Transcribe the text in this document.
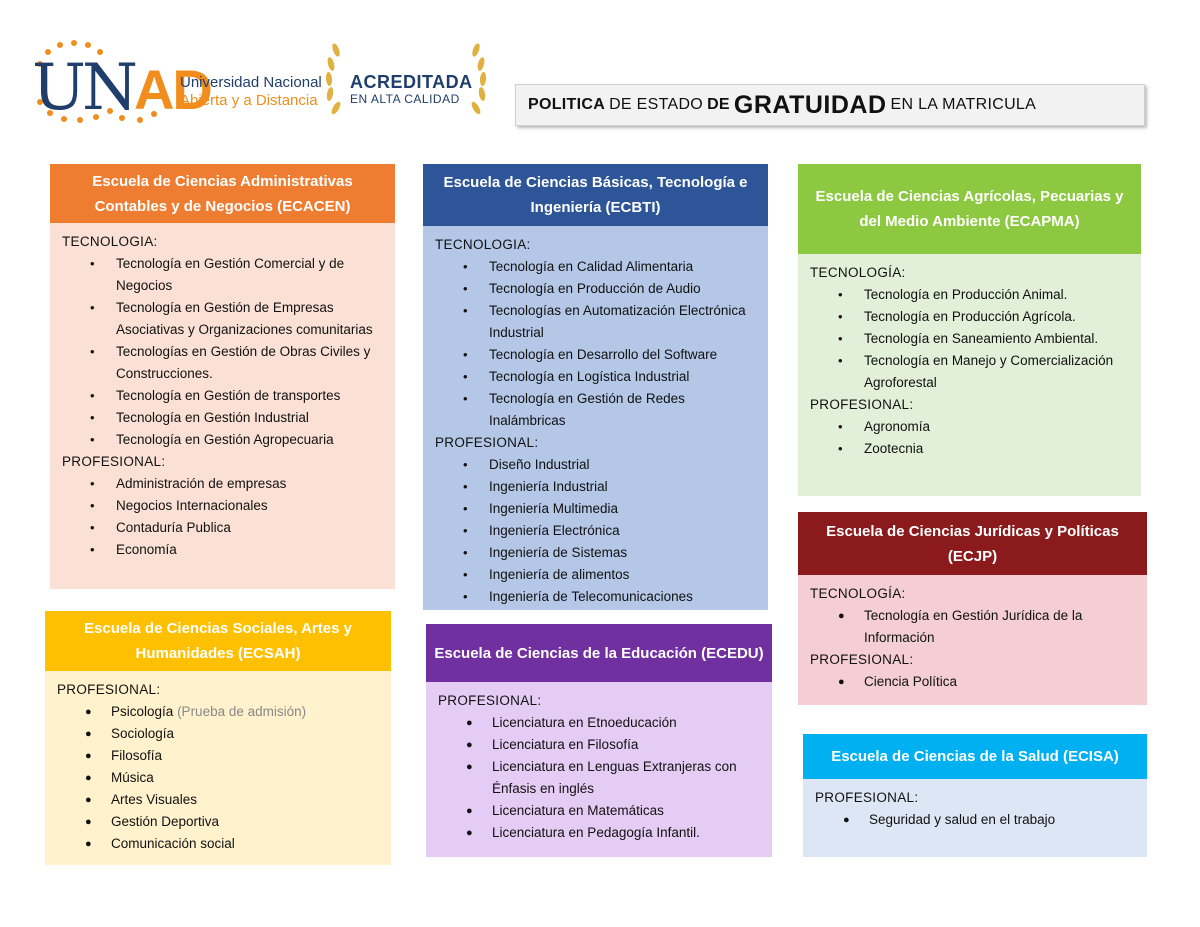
UNAD
Universidad Nacional
Abierta y a Distancia
ACREDITADA
EN ALTA CALIDAD	POLITICA DE ESTADO DE GRATUIDAD EN LA MATRICULA
Escuela de Ciencias Administrativas Contables y de Negocios (ECACEN)
TECNOLOGIA:
• Tecnología en Gestión Comercial y de Negocios
• Tecnología en Gestión de Empresas Asociativas y Organizaciones comunitarias
• Tecnologías en Gestión de Obras Civiles y Construcciones.
• Tecnología en Gestión de transportes
• Tecnología en Gestión Industrial
• Tecnología en Gestión Agropecuaria
PROFESIONAL:
• Administración de empresas
• Negocios Internacionales
• Contaduría Publica
• Economía
Escuela de Ciencias Básicas, Tecnología e Ingeniería (ECBTI)
TECNOLOGIA:
• Tecnología en Calidad Alimentaria
• Tecnología en Producción de Audio
• Tecnologías en Automatización Electrónica Industrial
• Tecnología en Desarrollo del Software
• Tecnología en Logística Industrial
• Tecnología en Gestión de Redes Inalámbricas
PROFESIONAL:
• Diseño Industrial
• Ingeniería Industrial
• Ingeniería Multimedia
• Ingeniería Electrónica
• Ingeniería de Sistemas
• Ingeniería de alimentos
• Ingeniería de Telecomunicaciones
Escuela de Ciencias Agrícolas, Pecuarias y del Medio Ambiente (ECAPMA)
TECNOLOGÍA:
• Tecnología en Producción Animal.
• Tecnología en Producción Agrícola.
• Tecnología en Saneamiento Ambiental.
• Tecnología en Manejo y Comercialización Agroforestal
PROFESIONAL:
• Agronomía
• Zootecnia
Escuela de Ciencias Jurídicas y Políticas (ECJP)
TECNOLOGÍA:
● Tecnología en Gestión Jurídica de la Información
PROFESIONAL:
● Ciencia Política
Escuela de Ciencias Sociales, Artes y Humanidades (ECSAH)
PROFESIONAL:
● Psicología (Prueba de admisión)
● Sociología
● Filosofía
● Música
● Artes Visuales
● Gestión Deportiva
● Comunicación social
Escuela de Ciencias de la Educación (ECEDU)
PROFESIONAL:
● Licenciatura en Etnoeducación
● Licenciatura en Filosofía
● Licenciatura en Lenguas Extranjeras con Énfasis en inglés
● Licenciatura en Matemáticas
● Licenciatura en Pedagogía Infantil.
Escuela de Ciencias de la Salud (ECISA)
PROFESIONAL:
● Seguridad y salud en el trabajo
